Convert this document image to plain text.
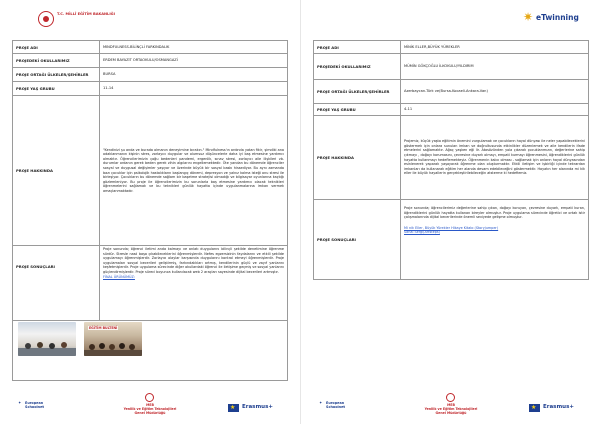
T.C. MİLLÎ EĞİTİM BAKANLIĞI
PROJE ADI	MINDFULNESS-BİLİNÇLİ FARKINDALIK
PROJEDEKİ OKULLARIMIZ	ERDEM BAYAZIT ORTAOKULU/OSMANGAZİ
PROJE ORTAĞI ÜLKELER/ŞEHİRLER	BURSA
PROJE YAŞ GRUBU	11-14
PROJE HAKKINDA	"Kendinizi şu anda ve burada olmanın deneyimine bırakın." Mindfulness'ın ardında yatan fikir, şimdiki ana odaklanmanın kişinin stres, zorlayıcı duygular ve olumsuz düşüncelerle daha iyi baş etmesine yardımcı olmaktır. Öğrencilerimizin çoğu bedenleri pandemi, ergenlik, sınav stresi, zorlayıcı aile ilişkileri vb. durumlar ordanın gerek beden gerek zihin algılarını engellemektedir. Öte yandan bu dönemde öğrenciler sosyal ve duygusal değişimler yaşıyor ve üzerinde büyük bir sosyal baskı hissediyor. Bu aynı zamanda bazı çocuklar için psikolojik hastalıkların başlangıç dönemi, depresyon ve yalnız kalma isteği onu stresi ile birleşiyor. Çocukların bu dönemde sağlam bir başetme stratejisi olmadığı ve bilgisayar oyunlarına kaçtığı gözlemleniyor. Bu proje ile öğrencilerimizin bu sorunlarla baş etmesine yardımcı olacak teknikleri öğrenmelerini sağlamak ve bu teknikleri günlük hayatta içinde uygulanmalarına imkan vermek amaçlanmaktadır.
PROJE SONUÇLARI	Proje sonunda; öğrenci iletimi anda kalmayı ve anlatı duygularını bilinçli şekilde denetimine öğrenme sürdür. Stresle nasıl başa çıkabileceklerini öğrenmişlerdir. Nefes egzersizinin faydalarını ve etkili şekilde uygulamayı öğrenmişlerdir. Zorlayıcı olaylar karşısında duygularını kontrol etmeyi öğrenmişlerdir. Proje uygulamaları sosyal becerileri geliştirmiş, farkındalıkları artmış, kendilerinin güçlü ve zayıf yanlarını keşfetmişlerdir. Proje uygulama sürecinde diğer okullardaki öğrenci ile iletişime geçmiş ve sosyal yanlarını güçlendirmişlerdir. Proje süreci boyunca kullanılacak web 2 araçları sayesinde dijital becerileri artmıştır.
FİNAL ÜRÜNÜMÜZ:

EĞİTİM BULTENİ
✦ European Schoolnet	MEB
Yenilik ve Eğitim Teknolojileri
Genel Müdürlüğü
★
Erasmus+
✷ eTwinning
PROJE ADI	MİNİK ELLER,BÜYÜK YÜREKLER
PROJEDEKİ OKULLARIMIZ	MÜMİN GÖKÇOĞLU İLKOKULU/YILDIRIM
PROJE ORTAĞI ÜLKELER/ŞEHİRLER	Azerbaycan-Türk ve(Bursa-Kocaeli-Ankara-Van)
PROJE YAŞ GRUBU	4-11
PROJE HAKKINDA	Projemiz, küçük yaşta eğitimin önemini vurgulamak ve çocukların hayal dünyası ile neler yapabileceklerini göstermek için onlara sunulan imkan ve doğrultusunda etkinlikler düzenlemek ve aile kendilerin ifade etmelerini sağlamaktır. Ağaç yaşken eği lir. Atasözünden yola çıkarak çocuklarımızın, değerlerine sahip çıkmayı , doğayı korumasını, çevresine duyarlı olmayı, empati kurmayı öğrenmesini, öğrendiklerini günlük hayatta kullanmayı hedeflemekteyiz. Öğrenmenin kalıcı olması - sağlamak için onların hayal dünyasından esinlenerek yaparak yaşayarak öğrenme olan oluşturmaktır. Etkili iletişim ve işbirliği içinde tekrardan imkanları da kullanarak eğitim her alanda devam edebileceğini göstermektir. Hayatın her alanında mi kik eller ile büyük hayallerin gerçekleştirilebileceğin atsterme ki hedefiemiz.
PROJE SONUÇLARI	Proje sonunda; öğrencilerimiz değerlerine sahip çıkan, doğayı koruyan, çevresine duyarlı, empati kuran, öğrendiklerini günlük hayatta kullanan bireyler olmuştur. Proje uygulama sürecinde öğretici ve ortak istir çalışmalarında dijital becerilerinde önemli seviyede gelişme olmuştur.
Mi nik Eller, Büyük Yürekler Hikaye Kitabı (Storyjumper)
Sanal Sergi(Artsteps)
✦ European Schoolnet	MEB
Yenilik ve Eğitim Teknolojileri
Genel Müdürlüğü
★
Erasmus+
